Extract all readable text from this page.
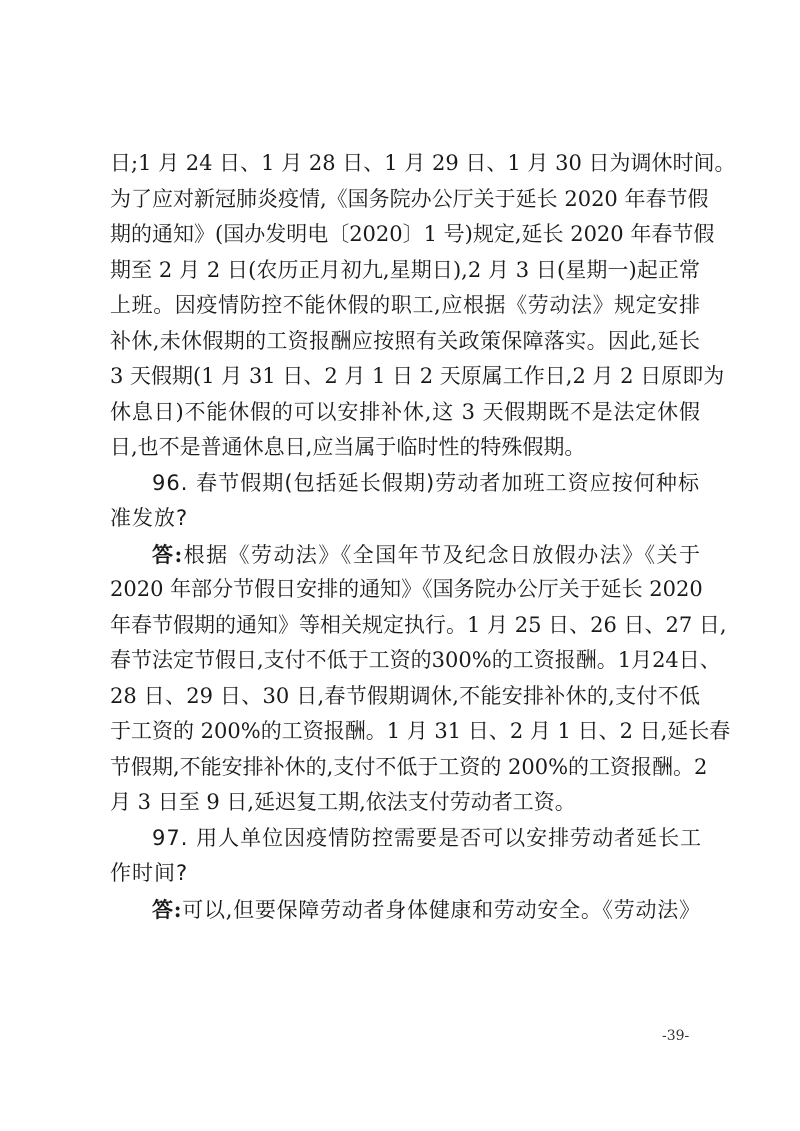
日;1 月 24 日、1 月 28 日、1 月 29 日、1 月 30 日为调休时间。
为了应对新冠肺炎疫情,《国务院办公厅关于延长 2020 年春节假
期的通知》(国办发明电〔2020〕1 号)规定,延长 2020 年春节假
期至 2 月 2 日(农历正月初九,星期日),2 月 3 日(星期一)起正常
上班。因疫情防控不能休假的职工,应根据《劳动法》规定安排
补休,未休假期的工资报酬应按照有关政策保障落实。因此,延长
3 天假期(1 月 31 日、2 月 1 日 2 天原属工作日,2 月 2 日原即为
休息日)不能休假的可以安排补休,这 3 天假期既不是法定休假
日,也不是普通休息日,应当属于临时性的特殊假期。
96. 春节假期(包括延长假期)劳动者加班工资应按何种标
准发放?
答:根据《劳动法》《全国年节及纪念日放假办法》《关于
2020 年部分节假日安排的通知》《国务院办公厅关于延长 2020
年春节假期的通知》等相关规定执行。1 月 25 日、26 日、27 日,
春节法定节假日,支付不低于工资的300%的工资报酬。1月24日、
28 日、29 日、30 日,春节假期调休,不能安排补休的,支付不低
于工资的 200%的工资报酬。1 月 31 日、2 月 1 日、2 日,延长春
节假期,不能安排补休的,支付不低于工资的 200%的工资报酬。2
月 3 日至 9 日,延迟复工期,依法支付劳动者工资。
97. 用人单位因疫情防控需要是否可以安排劳动者延长工
作时间?
答:可以,但要保障劳动者身体健康和劳动安全。《劳动法》
-39-
